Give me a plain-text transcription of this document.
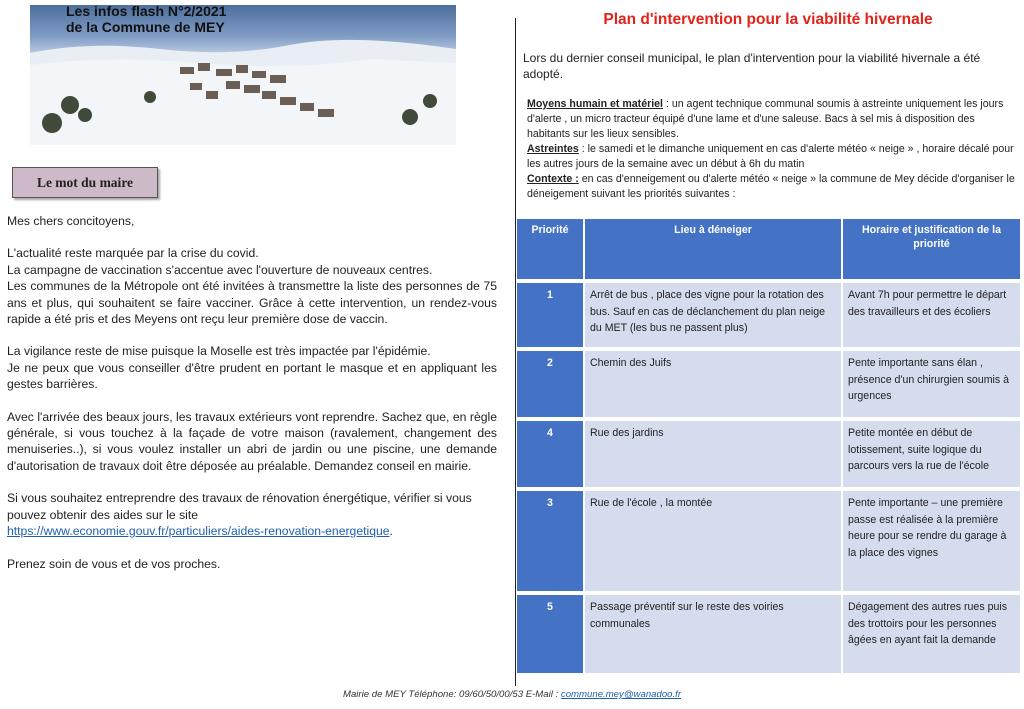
Les infos flash N°2/2021
de la Commune de MEY
Le mot du maire

Mes chers concitoyens,

L'actualité reste marquée par la crise du covid.
La campagne de vaccination s'accentue avec l'ouverture de nouveaux centres.
Les communes de la Métropole ont été invitées à transmettre la liste des personnes de 75 ans et plus, qui souhaitent se faire vacciner. Grâce à cette intervention, un rendez-vous rapide a été pris et des Meyens ont reçu leur première dose de vaccin.

La vigilance reste de mise puisque la Moselle est très impactée par l'épidémie.
Je ne peux que vous conseiller d'être prudent en portant le masque et en appliquant les gestes barrières.

Avec l'arrivée des beaux jours, les travaux extérieurs vont reprendre. Sachez que, en règle générale, si vous touchez à la façade de votre maison (ravalement, changement des menuiseries..), si vous voulez installer un abri de jardin ou une piscine, une demande d'autorisation de travaux doit être déposée au préalable. Demandez conseil en mairie.

Si vous souhaitez entreprendre des travaux de rénovation énergétique, vérifier si vous pouvez obtenir des aides sur le site
https://www.economie.gouv.fr/particuliers/aides-renovation-energetique.

Prenez soin de vous et de vos proches.

Plan d'intervention pour la viabilité hivernale
Lors du dernier conseil municipal, le plan d'intervention pour la viabilité hivernale a été adopté.
Moyens humain et matériel : un agent technique communal soumis à astreinte uniquement les jours d'alerte , un micro tracteur équipé d'une lame et d'une saleuse. Bacs à sel mis à disposition des habitants sur les lieux sensibles.
Astreintes : le samedi et le dimanche uniquement en cas d'alerte météo « neige » , horaire décalé pour les autres jours de la semaine avec un début à 6h du matin
Contexte : en cas d'enneigement ou d'alerte météo « neige » la commune de Mey décide d'organiser le déneigement suivant les priorités suivantes :
Priorité	Lieu à déneiger	Horaire et justification de la priorité

1	Arrêt de bus , place des vigne pour la rotation des bus. Sauf en cas de déclanchement du plan neige du MET (les bus ne passent plus)	Avant 7h pour permettre le départ des travailleurs et des écoliers
2	Chemin des Juifs	Pente importante sans élan , présence d'un chirurgien soumis à urgences
4	Rue des jardins	Petite montée en début de lotissement, suite logique du parcours vers la rue de l'école
3	Rue de l'école , la montée	Pente importante – une première passe est réalisée à la première heure pour se rendre du garage à la place des vignes
5	Passage préventif sur le reste des voiries communales	Dégagement des autres rues puis des trottoirs pour les personnes âgées en ayant fait la demande
Mairie de MEY Téléphone: 09/60/50/00/53 E-Mail : commune.mey@wanadoo.fr
